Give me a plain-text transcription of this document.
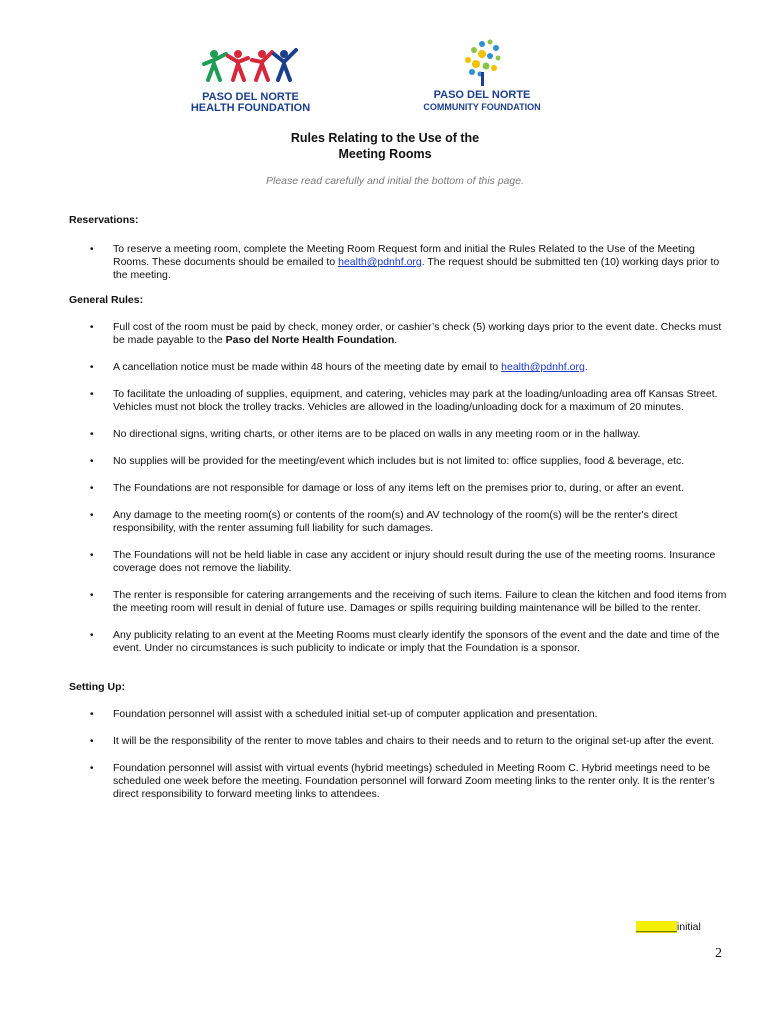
PASO DEL NORTE
HEALTH FOUNDATION
PASO DEL NORTE
COMMUNITY FOUNDATION
Rules Relating to the Use of the
Meeting Rooms
Please read carefully and initial the bottom of this page.

Reservations:

• To reserve a meeting room, complete the Meeting Room Request form and initial the Rules Related to the Use of the Meeting Rooms. These documents should be emailed to health@pdnhf.org. The request should be submitted ten (10) working days prior to the meeting.

General Rules:

• Full cost of the room must be paid by check, money order, or cashier’s check (5) working days prior to the event date. Checks must be made payable to the Paso del Norte Health Foundation.
• A cancellation notice must be made within 48 hours of the meeting date by email to health@pdnhf.org.
• To facilitate the unloading of supplies, equipment, and catering, vehicles may park at the loading/unloading area off Kansas Street. Vehicles must not block the trolley tracks. Vehicles are allowed in the loading/unloading dock for a maximum of 20 minutes.
• No directional signs, writing charts, or other items are to be placed on walls in any meeting room or in the hallway.
• No supplies will be provided for the meeting/event which includes but is not limited to: office supplies, food & beverage, etc.
• The Foundations are not responsible for damage or loss of any items left on the premises prior to, during, or after an event.
• Any damage to the meeting room(s) or contents of the room(s) and AV technology of the room(s) will be the renter's direct responsibility, with the renter assuming full liability for such damages.
• The Foundations will not be held liable in case any accident or injury should result during the use of the meeting rooms. Insurance coverage does not remove the liability.
• The renter is responsible for catering arrangements and the receiving of such items. Failure to clean the kitchen and food items from the meeting room will result in denial of future use. Damages or spills requiring building maintenance will be billed to the renter.
• Any publicity relating to an event at the Meeting Rooms must clearly identify the sponsors of the event and the date and time of the event. Under no circumstances is such publicity to indicate or imply that the Foundation is a sponsor.

Setting Up:

• Foundation personnel will assist with a scheduled initial set-up of computer application and presentation.
• It will be the responsibility of the renter to move tables and chairs to their needs and to return to the original set-up after the event.
• Foundation personnel will assist with virtual events (hybrid meetings) scheduled in Meeting Room C. Hybrid meetings need to be scheduled one week before the meeting. Foundation personnel will forward Zoom meeting links to the renter only. It is the renter’s direct responsibility to forward meeting links to attendees.
_______initial
2
